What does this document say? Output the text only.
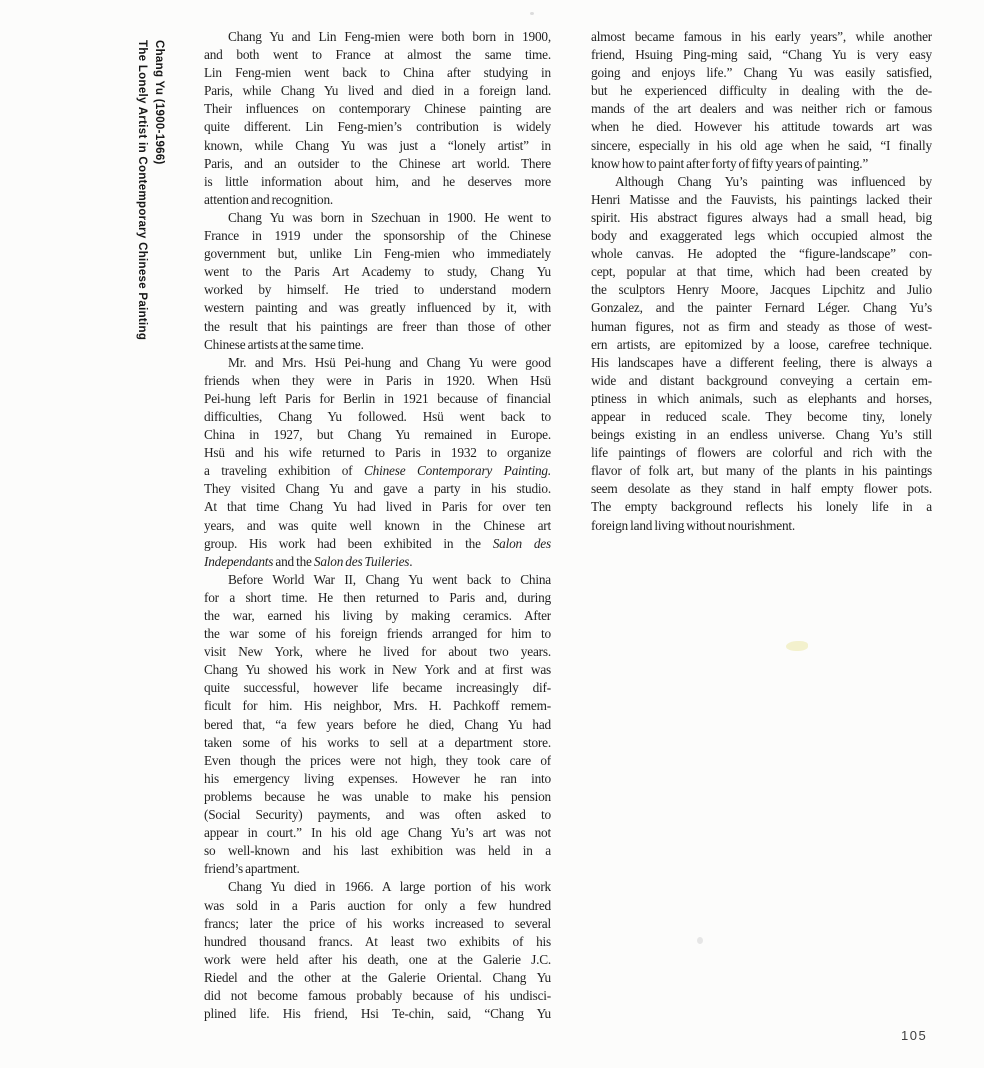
Chang Yu (1900-1966)
The Lonely Artist in Contemporary Chinese Painting
Chang Yu and Lin Feng-mien were both born in 1900,
and both went to France at almost the same time.
Lin Feng-mien went back to China after studying in
Paris, while Chang Yu lived and died in a foreign land.
Their influences on contemporary Chinese painting are
quite different. Lin Feng-mien’s contribution is widely
known, while Chang Yu was just a “lonely artist” in
Paris, and an outsider to the Chinese art world. There
is little information about him, and he deserves more
attention and recognition.
Chang Yu was born in Szechuan in 1900. He went to
France in 1919 under the sponsorship of the Chinese
government but, unlike Lin Feng-mien who immediately
went to the Paris Art Academy to study, Chang Yu
worked by himself. He tried to understand modern
western painting and was greatly influenced by it, with
the result that his paintings are freer than those of other
Chinese artists at the same time.
Mr. and Mrs. Hsü Pei-hung and Chang Yu were good
friends when they were in Paris in 1920. When Hsü
Pei-hung left Paris for Berlin in 1921 because of financial
difficulties, Chang Yu followed. Hsü went back to
China in 1927, but Chang Yu remained in Europe.
Hsü and his wife returned to Paris in 1932 to organize
a traveling exhibition of Chinese Contemporary Painting.
They visited Chang Yu and gave a party in his studio.
At that time Chang Yu had lived in Paris for over ten
years, and was quite well known in the Chinese art
group. His work had been exhibited in the Salon des
Independants and the Salon des Tuileries.
Before World War II, Chang Yu went back to China
for a short time. He then returned to Paris and, during
the war, earned his living by making ceramics. After
the war some of his foreign friends arranged for him to
visit New York, where he lived for about two years.
Chang Yu showed his work in New York and at first was
quite successful, however life became increasingly dif-
ficult for him. His neighbor, Mrs. H. Pachkoff remem-
bered that, “a few years before he died, Chang Yu had
taken some of his works to sell at a department store.
Even though the prices were not high, they took care of
his emergency living expenses. However he ran into
problems because he was unable to make his pension
(Social Security) payments, and was often asked to
appear in court.” In his old age Chang Yu’s art was not
so well-known and his last exhibition was held in a
friend’s apartment.
Chang Yu died in 1966. A large portion of his work
was sold in a Paris auction for only a few hundred
francs; later the price of his works increased to several
hundred thousand francs. At least two exhibits of his
work were held after his death, one at the Galerie J.C.
Riedel and the other at the Galerie Oriental. Chang Yu
did not become famous probably because of his undisci-
plined life. His friend, Hsi Te-chin, said, “Chang Yu
almost became famous in his early years”, while another
friend, Hsuing Ping-ming said, “Chang Yu is very easy
going and enjoys life.” Chang Yu was easily satisfied,
but he experienced difficulty in dealing with the de-
mands of the art dealers and was neither rich or famous
when he died. However his attitude towards art was
sincere, especially in his old age when he said, “I finally
know how to paint after forty of fifty years of painting.”
Although Chang Yu’s painting was influenced by
Henri Matisse and the Fauvists, his paintings lacked their
spirit. His abstract figures always had a small head, big
body and exaggerated legs which occupied almost the
whole canvas. He adopted the “figure-landscape” con-
cept, popular at that time, which had been created by
the sculptors Henry Moore, Jacques Lipchitz and Julio
Gonzalez, and the painter Fernard Léger. Chang Yu’s
human figures, not as firm and steady as those of west-
ern artists, are epitomized by a loose, carefree technique.
His landscapes have a different feeling, there is always a
wide and distant background conveying a certain em-
ptiness in which animals, such as elephants and horses,
appear in reduced scale. They become tiny, lonely
beings existing in an endless universe. Chang Yu’s still
life paintings of flowers are colorful and rich with the
flavor of folk art, but many of the plants in his paintings
seem desolate as they stand in half empty flower pots.
The empty background reflects his lonely life in a
foreign land living without nourishment.
105
